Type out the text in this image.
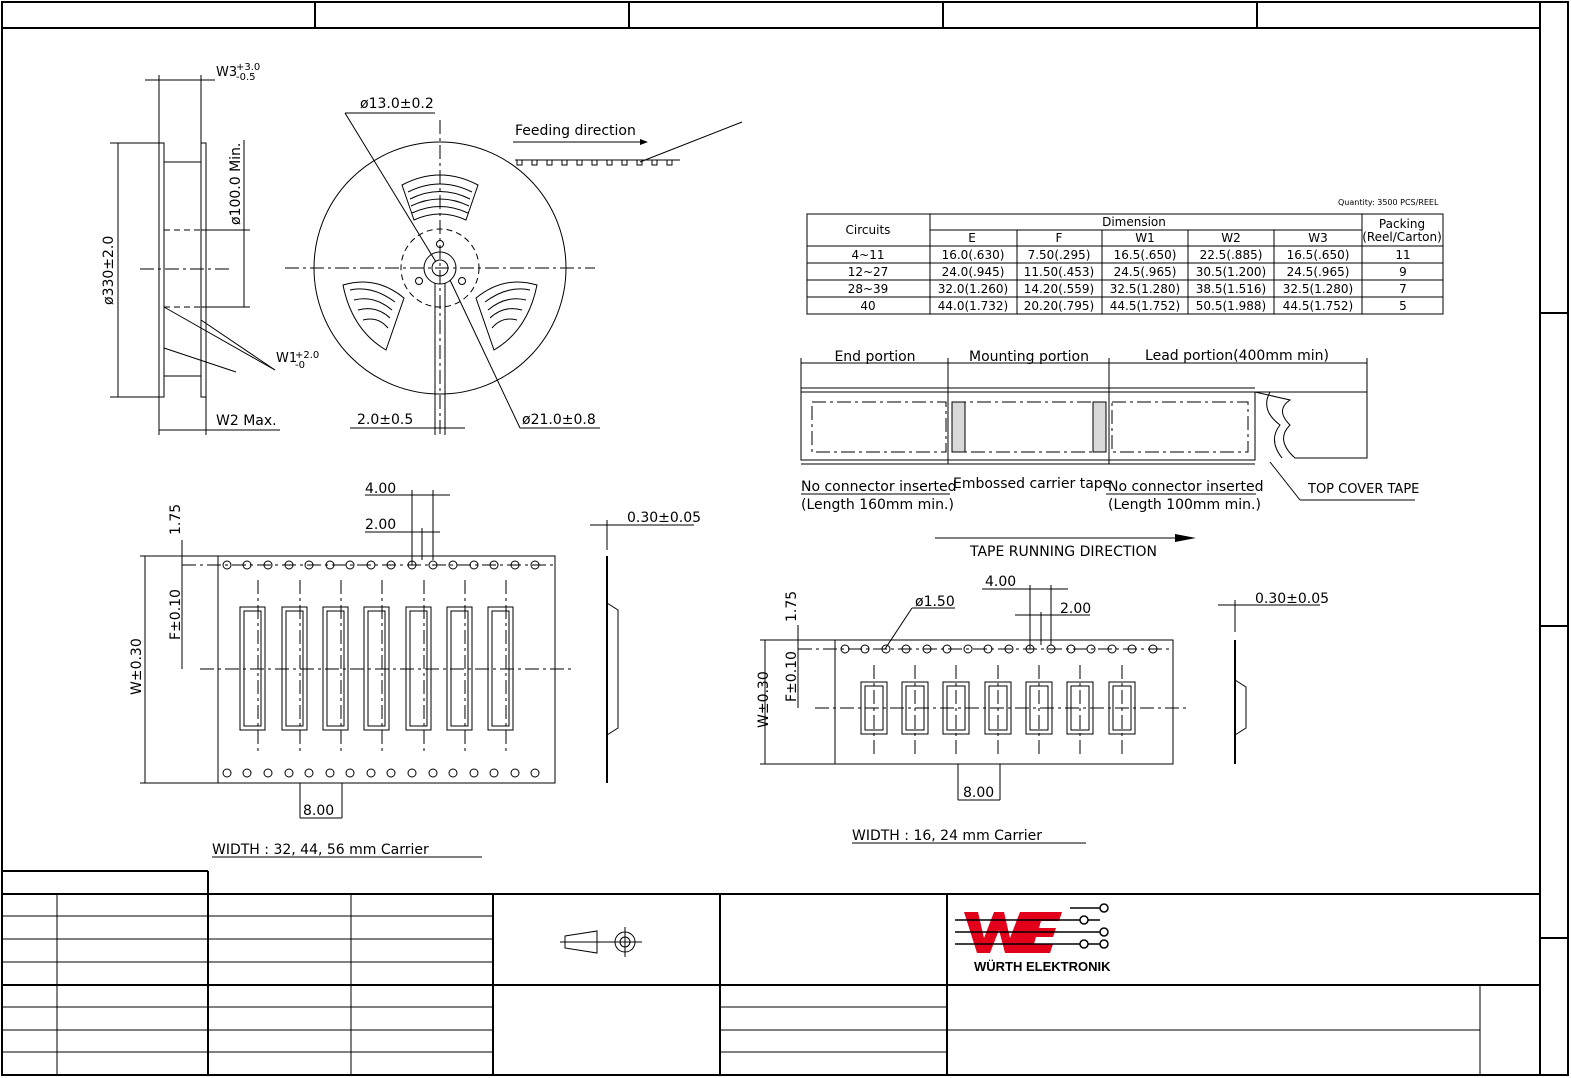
W3
+3.0
-0.5
ø330±2.0
ø100.0 Min.
W1
+2.0
-0
W2 Max.
ø13.0±0.2
ø21.0±0.8
2.0±0.5
Feeding direction
Quantity: 3500 PCS/REEL
Circuits
Dimension	Packing
(Reel/Carton)
E	F	W1	W2	W3
4~11	16.0(.630) 7.50(.295) 16.5(.650) 22.5(.885) 16.5(.650)	11
12~27	24.0(.945) 11.50(.453) 24.5(.965) 30.5(1.200) 24.5(.965)	9
28~39	32.0(1.260) 14.20(.559) 32.5(1.280) 38.5(1.516) 32.5(1.280)	7
40	44.0(1.732) 20.20(.795) 44.5(1.752) 50.5(1.988) 44.5(1.752)	5
End portion	Mounting portion	Lead portion(400mm min)
No connector inserted
(Length 160mm min.)
Embossed carrier tape
No connector inserted
(Length 100mm min.)
TOP COVER TAPE
TAPE RUNNING DIRECTION
4.00
2.00
1.75
F±0.10
W±0.30
8.00
0.30±0.05
WIDTH : 32, 44, 56 mm Carrier
4.00
2.00
ø1.50
1.75
F±0.10
W±0.30
8.00
0.30±0.05
WIDTH : 16, 24 mm Carrier
WÜRTH ELEKTRONIK
